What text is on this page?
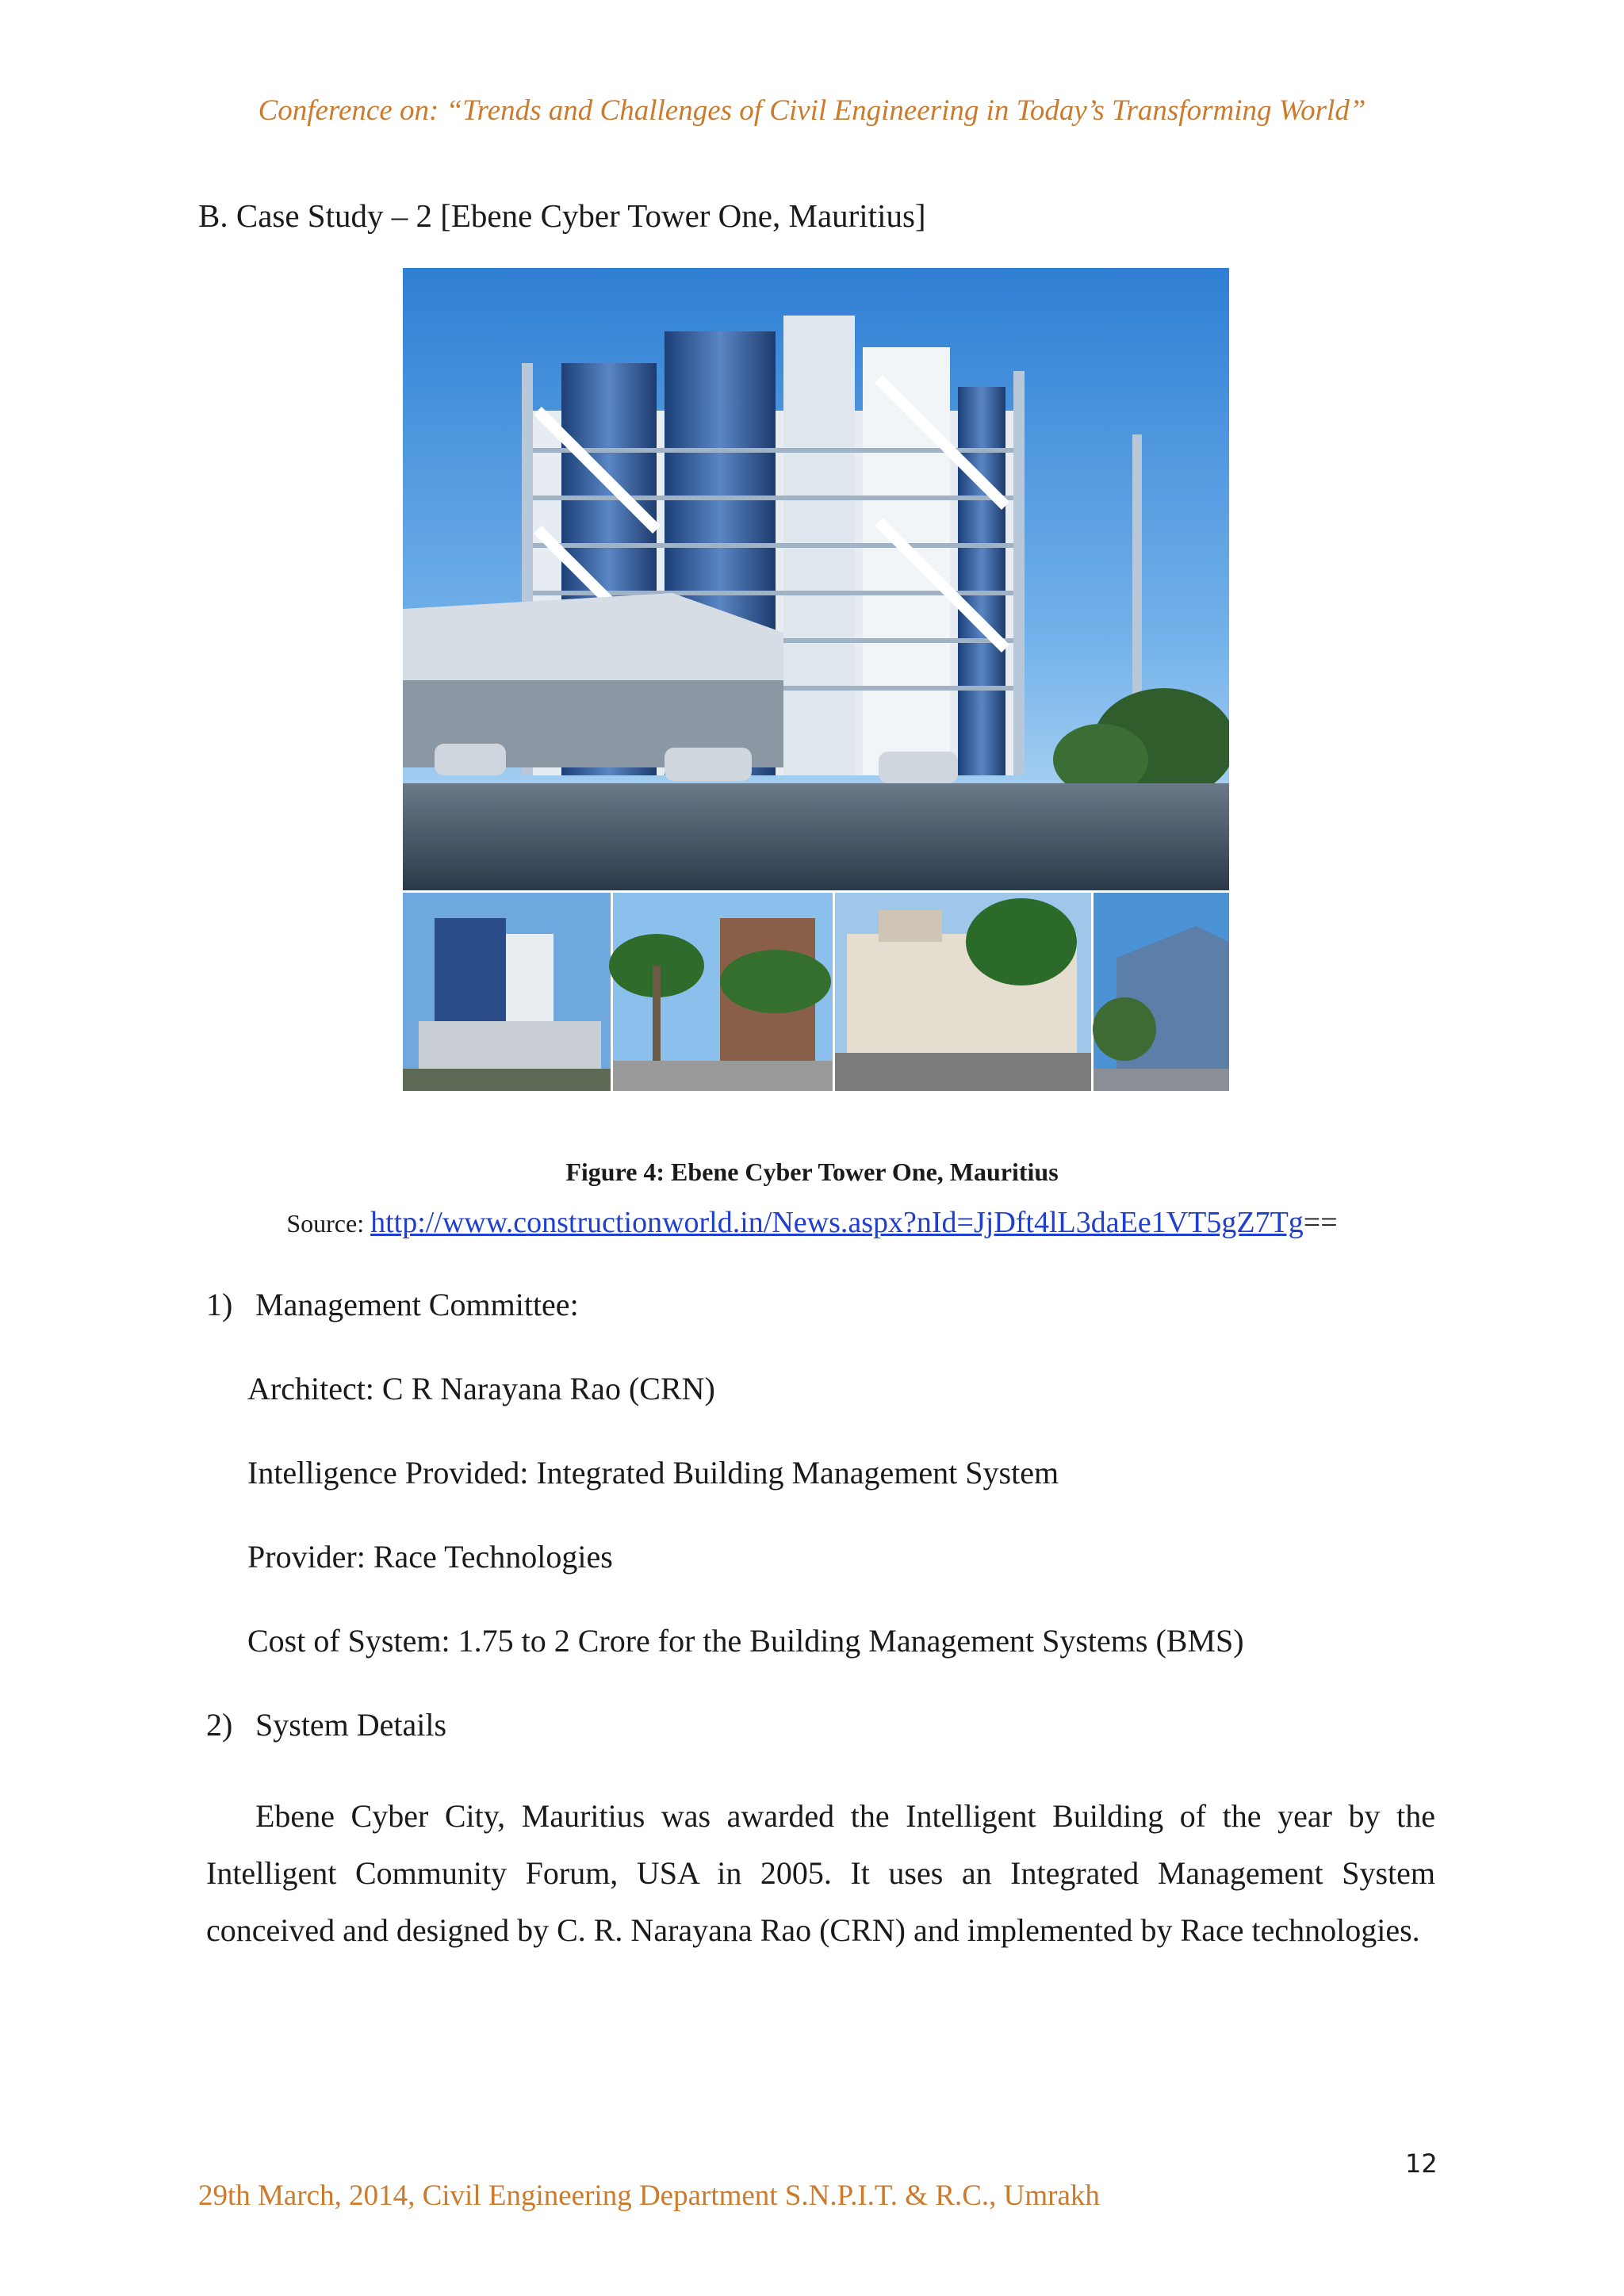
Conference on: “Trends and Challenges of Civil Engineering in Today’s Transforming World”
B. Case Study – 2 [Ebene Cyber Tower One, Mauritius]
Figure 4: Ebene Cyber Tower One, Mauritius
Source: http://www.constructionworld.in/News.aspx?nId=JjDft4lL3daEe1VT5gZ7Tg==
1) Management Committee:
Architect: C R Narayana Rao (CRN)
Intelligence Provided: Integrated Building Management System
Provider: Race Technologies
Cost of System: 1.75 to 2 Crore for the Building Management Systems (BMS)
2) System Details
Ebene Cyber City, Mauritius was awarded the Intelligent Building of the year by the Intelligent Community Forum, USA in 2005. It uses an Integrated Management System conceived and designed by C. R. Narayana Rao (CRN) and implemented by Race technologies.
12
29th March, 2014, Civil Engineering Department S.N.P.I.T. & R.C., Umrakh
